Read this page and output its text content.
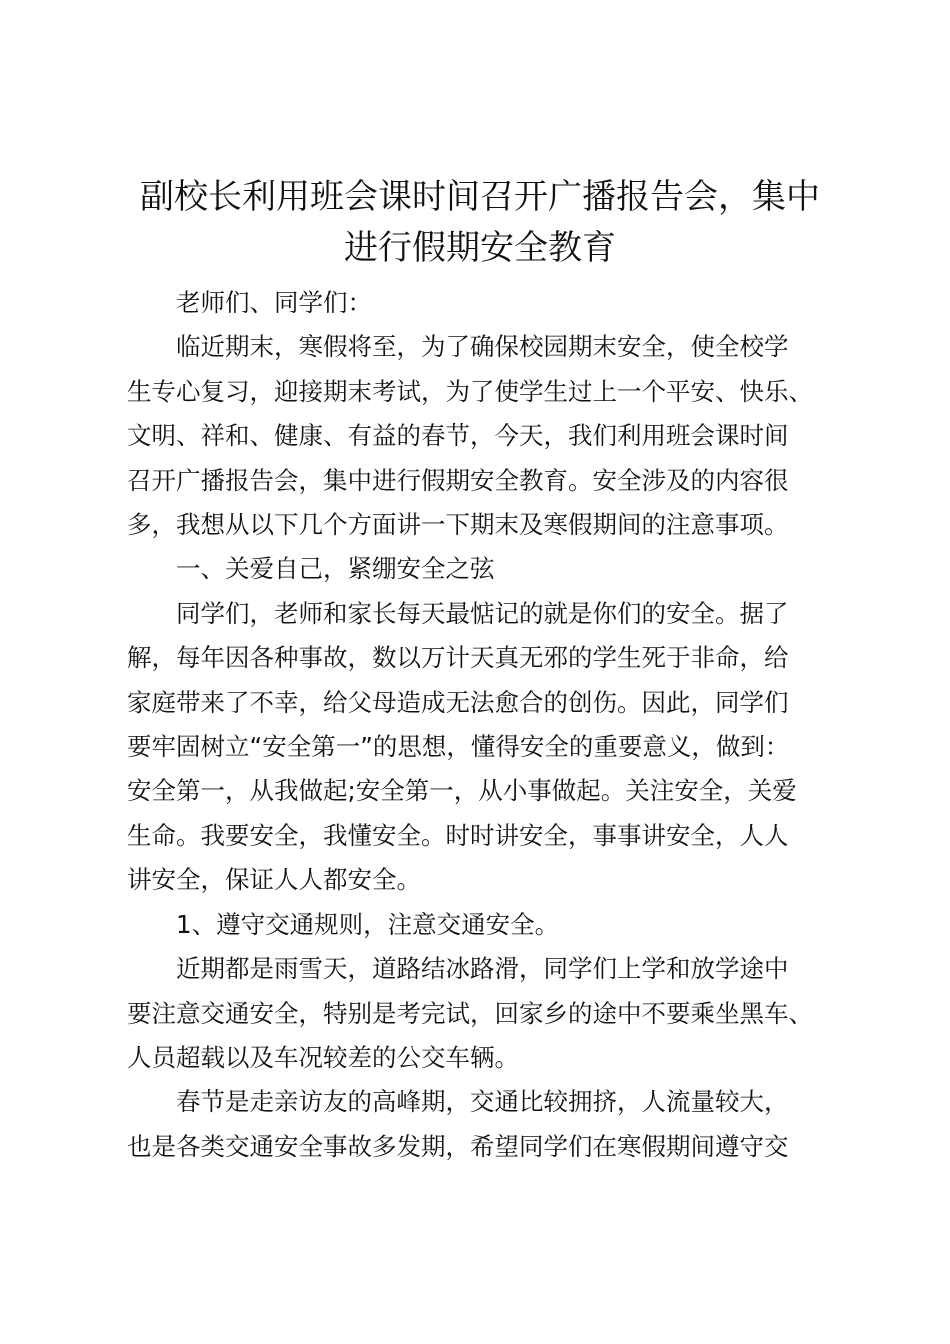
副校长利用班会课时间召开广播报告会，集中
进行假期安全教育

老师们、同学们：

临近期末，寒假将至，为了确保校园期末安全，使全校学
生专心复习，迎接期末考试，为了使学生过上一个平安、快乐、
文明、祥和、健康、有益的春节，今天，我们利用班会课时间
召开广播报告会，集中进行假期安全教育。安全涉及的内容很
多，我想从以下几个方面讲一下期末及寒假期间的注意事项。

一、关爱自己，紧绷安全之弦

同学们，老师和家长每天最惦记的就是你们的安全。据了
解，每年因各种事故，数以万计天真无邪的学生死于非命，给
家庭带来了不幸，给父母造成无法愈合的创伤。因此，同学们
要牢固树立“安全第一”的思想，懂得安全的重要意义，做到：
安全第一，从我做起;安全第一，从小事做起。关注安全，关爱
生命。我要安全，我懂安全。时时讲安全，事事讲安全，人人
讲安全，保证人人都安全。

1、遵守交通规则，注意交通安全。

近期都是雨雪天，道路结冰路滑，同学们上学和放学途中
要注意交通安全，特别是考完试，回家乡的途中不要乘坐黑车、
人员超载以及车况较差的公交车辆。

春节是走亲访友的高峰期，交通比较拥挤，人流量较大，
也是各类交通安全事故多发期，希望同学们在寒假期间遵守交
